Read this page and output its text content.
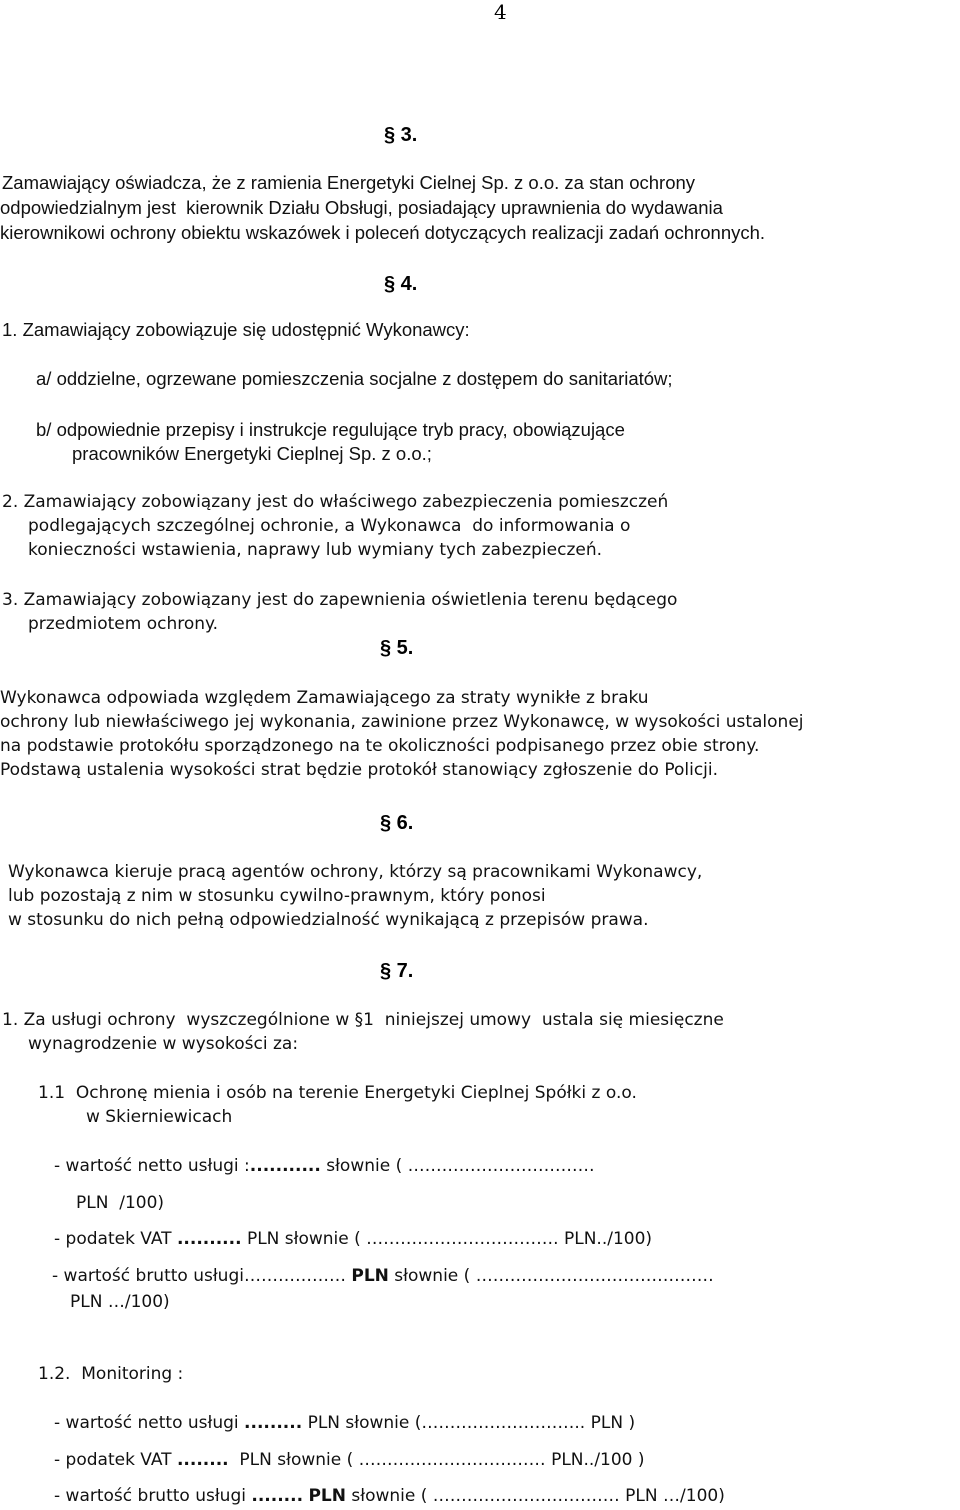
4
§ 3.
Zamawiający oświadcza, że z ramienia Energetyki Cielnej Sp. z o.o. za stan ochrony
odpowiedzialnym jest  kierownik Działu Obsługi, posiadający uprawnienia do wydawania
kierownikowi ochrony obiektu wskazówek i poleceń dotyczących realizacji zadań ochronnych.
§ 4.
1. Zamawiający zobowiązuje się udostępnić Wykonawcy:
a/ oddzielne, ogrzewane pomieszczenia socjalne z dostępem do sanitariatów;
b/ odpowiednie przepisy i instrukcje regulujące tryb pracy, obowiązujące
pracowników Energetyki Cieplnej Sp. z o.o.;
2. Zamawiający zobowiązany jest do właściwego zabezpieczenia pomieszczeń
podlegających szczególnej ochronie, a Wykonawca  do informowania o
konieczności wstawienia, naprawy lub wymiany tych zabezpieczeń.
3. Zamawiający zobowiązany jest do zapewnienia oświetlenia terenu będącego
przedmiotem ochrony.
§ 5.
Wykonawca odpowiada względem Zamawiającego za straty wynikłe z braku
ochrony lub niewłaściwego jej wykonania, zawinione przez Wykonawcę, w wysokości ustalonej
na podstawie protokółu sporządzonego na te okoliczności podpisanego przez obie strony.
Podstawą ustalenia wysokości strat będzie protokół stanowiący zgłoszenie do Policji.
§ 6.
Wykonawca kieruje pracą agentów ochrony, którzy są pracownikami Wykonawcy,
lub pozostają z nim w stosunku cywilno-prawnym, który ponosi
w stosunku do nich pełną odpowiedzialność wynikającą z przepisów prawa.
§ 7.
1. Za usługi ochrony  wyszczególnione w §1  niniejszej umowy  ustala się miesięczne
wynagrodzenie w wysokości za:
1.1  Ochronę mienia i osób na terenie Energetyki Cieplnej Spółki z o.o.
w Skierniewicach
- wartość netto usługi :........... słownie ( ……………………………
PLN  /100)
- podatek VAT .......... PLN słownie ( ……………………………. PLN../100)
- wartość brutto usługi……………… PLN słownie ( ……………………………………
PLN …/100)
1.2.  Monitoring :
- wartość netto usługi ......... PLN słownie (……………………….. PLN )
- podatek VAT ........  PLN słownie ( …………………………… PLN../100 )
- wartość brutto usługi ........ PLN słownie ( …………………………… PLN …/100)
